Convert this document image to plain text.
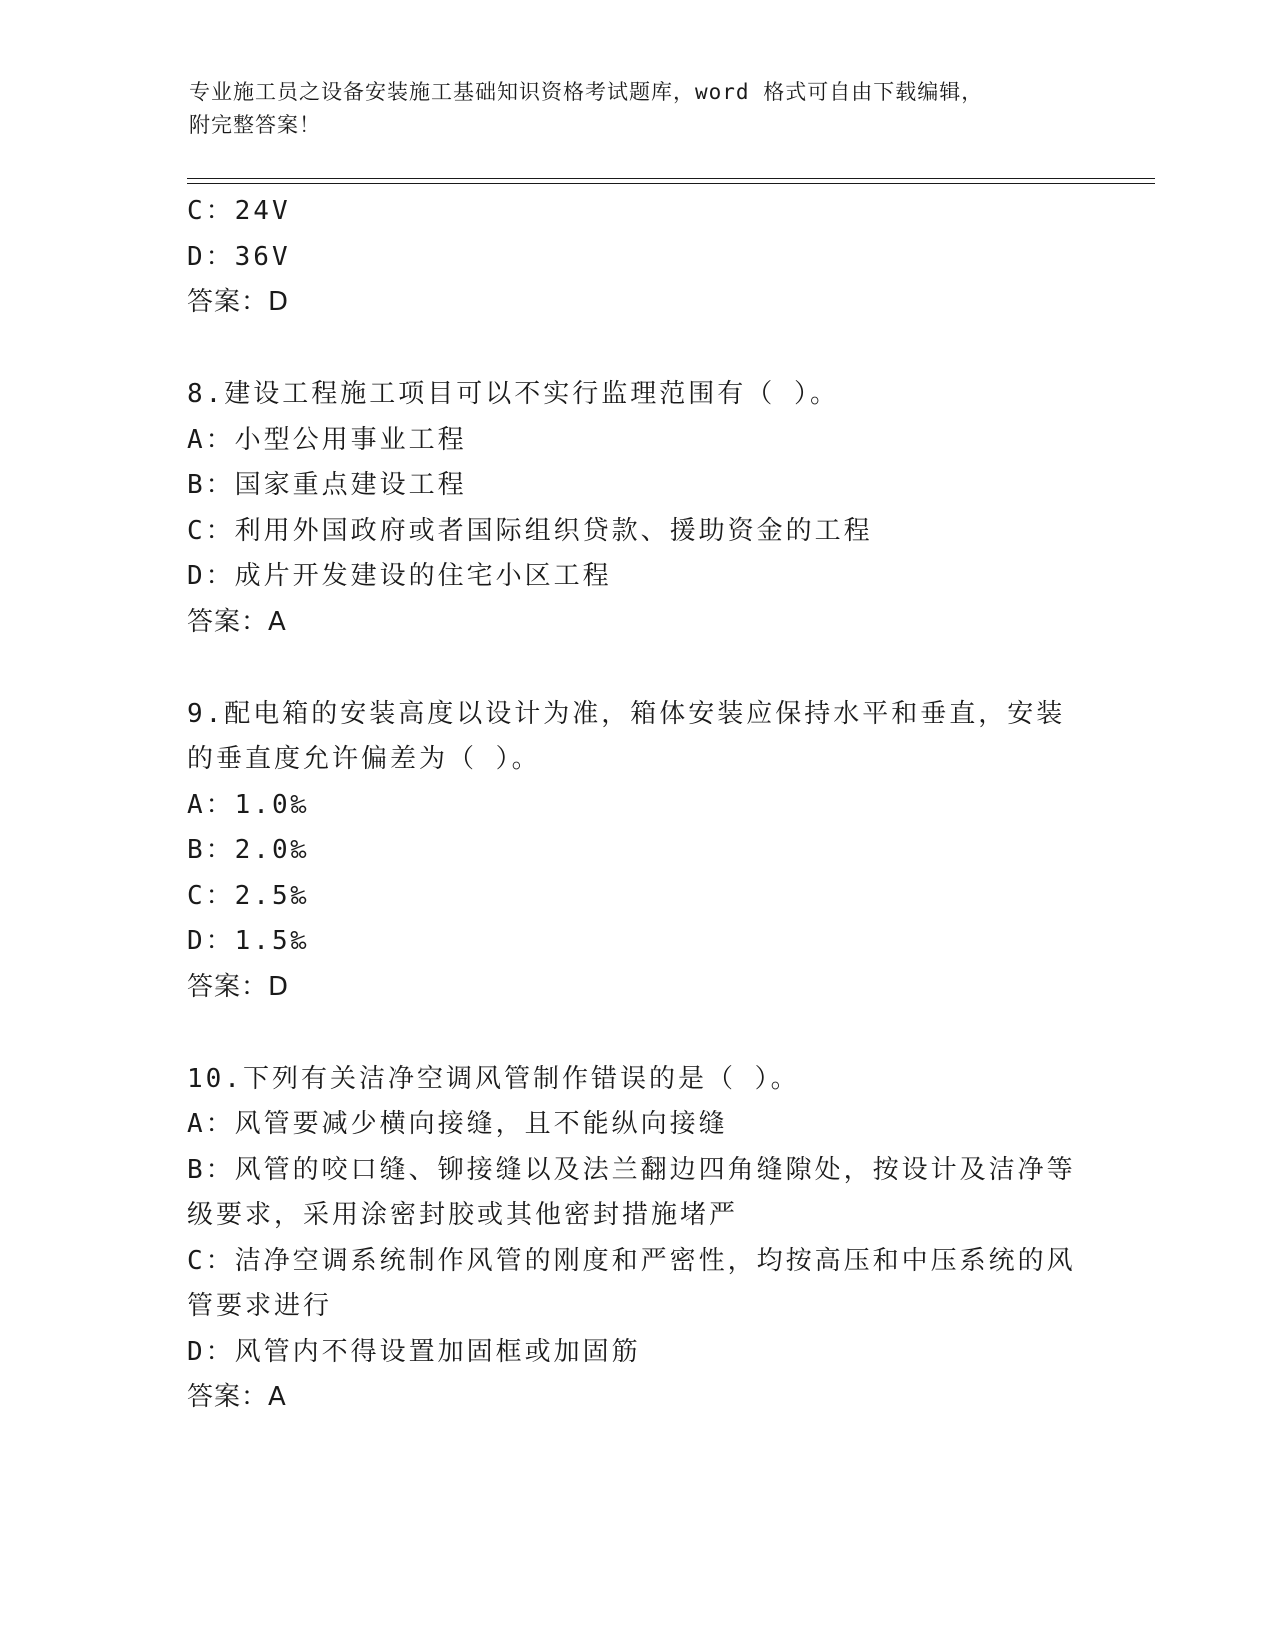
专业施工员之设备安装施工基础知识资格考试题库，word 格式可自由下载编辑，
附完整答案！
C：24V
D：36V
答案：D
8.建设工程施工项目可以不实行监理范围有（ ）。
A：小型公用事业工程
B：国家重点建设工程
C：利用外国政府或者国际组织贷款、援助资金的工程
D：成片开发建设的住宅小区工程
答案：A
9.配电箱的安装高度以设计为准，箱体安装应保持水平和垂直，安装
的垂直度允许偏差为（ ）。
A：1.0‰
B：2.0‰
C：2.5‰
D：1.5‰
答案：D
10.下列有关洁净空调风管制作错误的是（ ）。
A：风管要减少横向接缝，且不能纵向接缝
B：风管的咬口缝、铆接缝以及法兰翻边四角缝隙处，按设计及洁净等
级要求，采用涂密封胶或其他密封措施堵严
C：洁净空调系统制作风管的刚度和严密性，均按高压和中压系统的风
管要求进行
D：风管内不得设置加固框或加固筋
答案：A
